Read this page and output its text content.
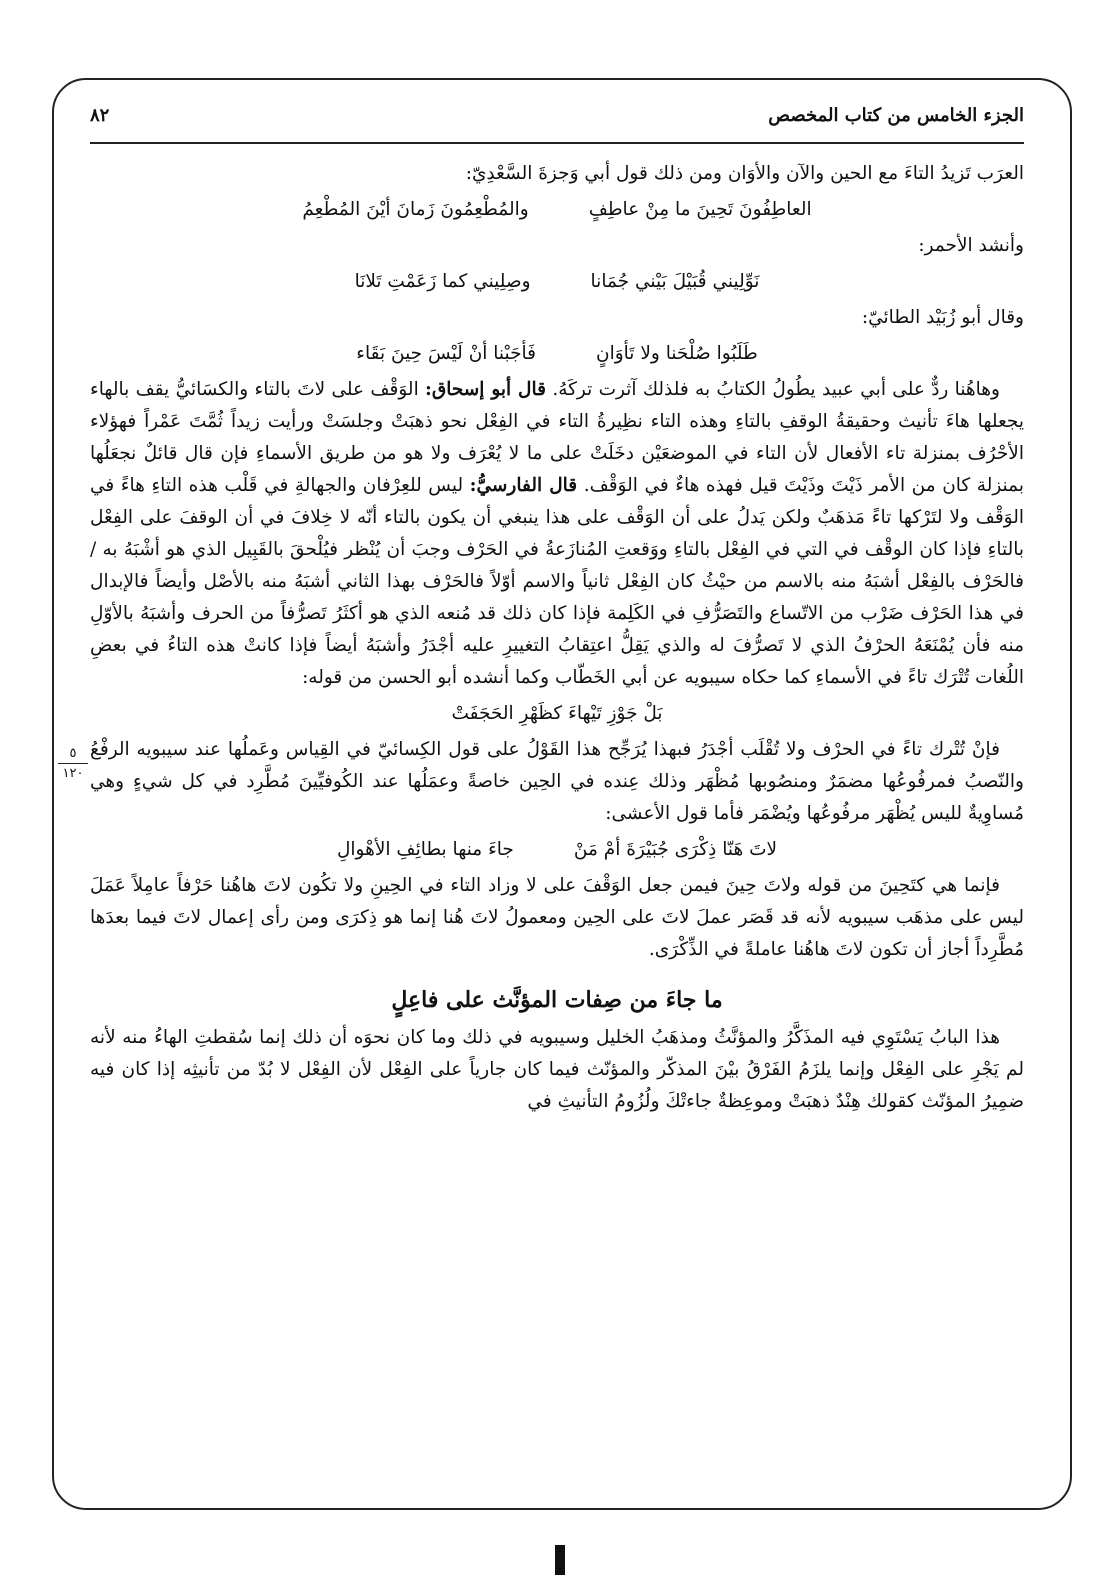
الجزء الخامس من كتاب المخصص
٨٢
٥
١٢٠

العرَب تَزيدُ التاءَ مع الحين والآن والأوَان ومن ذلك قول أبي وَجزةَ السَّعْدِيّ:

العاطِفُونَ تَحِينَ ما مِنْ عاطِفٍ
والمُطْعِمُونَ زَمانَ أيْنَ المُطْعِمُ

وأنشد الأحمر:

نَوِّلِيني قُبَيْلَ بَيْني جُمَانا
وصِلِيني كما زَعَمْتِ تَلانَا

وقال أبو زُبَيْد الطائيّ:

طَلَبُوا صُلْحَنا ولا تَأوَانٍ
فَأجَبْنا أنْ لَيْسَ حِينَ بَقَاء

وهاهُنا ردٌّ على أبي عبيد يطُولُ الكتابُ به فلذلك آثرت تركَهُ. قال أبو إسحاق: الوَقْف على لاتَ بالتاء والكسَائيُّ يقف بالهاء يجعلها هاءَ تأنيث وحقيقةُ الوقفِ بالتاءِ وهذه التاء نظِيرةُ التاء في الفِعْل نحو ذهبَتْ وجلسَتْ ورأيت زيداً ثُمَّتَ عَمْراً فهؤلاء الأحْرُف بمنزلة تاء الأفعال لأن التاء في الموضعَيْن دخَلَتْ على ما لا يُعْرَف ولا هو من طريق الأسماءِ فإن قال قائلٌ نجعَلُها بمنزلة كان من الأمر ذَيْتَ وذَيْتَ قيل فهذه هاءٌ في الوَقْف. قال الفارسيُّ: ليس للعِرْفان والجهالةِ في قَلْب هذه التاءِ هاءً في الوَقْف ولا لتَرْكها تاءً مَذهَبٌ ولكن يَدلُ على أن الوَقْف على هذا ينبغي أن يكون بالتاء أنّه لا خِلافَ في أن الوقفَ على الفِعْل بالتاءِ فإذا كان الوقْف في التي في الفِعْل بالتاءِ ووَقعتِ المُنازَعةُ في الحَرْف وجبَ أن يُنْظر فيُلْحقَ بالقَبِيل الذي هو أشْبَهُ به /فالحَرْف بالفِعْل أشبَهُ منه بالاسم من حيْثُ كان الفِعْل ثانياً والاسم أوّلاً فالحَرْف بهذا الثاني أشبَهُ منه بالأصْل وأيضاً فالإبدال في هذا الحَرْف ضَرْب من الاتّساع والتَصَرُّفِ في الكَلِمة فإذا كان ذلك قد مُنعه الذي هو أكثَرُ تَصرُّفاً من الحرف وأشبَهُ بالأوّلِ منه فأن يُمْنَعَهُ الحرْفُ الذي لا تَصرُّفَ له والذي يَقِلُّ اعتِقابُ التغييرِ عليه أجْدَرُ وأشبَهُ أيضاً فإذا كانتْ هذه التاءُ في بعضِ اللُغات تُتْرَك تاءً في الأسماءِ كما حكاه سيبويه عن أبي الخَطّاب وكما أنشده أبو الحسن من قوله:

بَلْ جَوْزِ تَيْهاءَ كظَهْرِ الحَجَفَتْ

فإنْ تُتْرك تاءً في الحرْف ولا تُقْلَب أجْدَرُ فبهذا يُرَجِّح هذا القَوْلُ على قول الكِسائيّ في القِياس وعَملُها عند سيبويه الرفْعُ والنّصبُ فمرفُوعُها مضمَرٌ ومنصُوبها مُظْهَر وذلك عِنده في الحِين خاصةً وعمَلُها عند الكُوفيِّينَ مُطَّرِد في كل شيءٍ وهي مُساوِيةٌ لليس يُظْهَر مرفُوعُها ويُضْمَر فأما قول الأعشى:

لاتَ هَنّا ذِكْرَى جُبَيْرَةَ أمْ مَنْ
جاءَ منها بطائِفِ الأهْوالِ

فإنما هي كتَحِينَ من قوله ولاتَ حِينَ فيمن جعل الوَقْفَ على لا وزاد التاء في الحِينِ ولا تكُون لاتَ هاهُنا حَرْفاً عامِلاً عَمَلَ ليس على مذهَب سيبويه لأنه قد قَصَر عملَ لاتَ على الحِين ومعمولُ لاتَ هُنا إنما هو ذِكرَى ومن رأى إعمال لاتَ فيما بعدَها مُطَّرِداً أجاز أن تكون لاتَ هاهُنا عاملةً في الذِّكْرَى.

ما جاءَ من صِفات المؤنَّث على فاعِلٍ

هذا البابُ يَسْتَوِي فيه المذَكَّرُ والمؤنَّثُ ومذهَبُ الخليل وسيبويه في ذلك وما كان نحوَه أن ذلك إنما سُقطتِ الهاءُ منه لأنه لم يَجْرِ على الفِعْل وإنما يلزَمُ الفَرْقُ بيْنَ المذكّر والمؤنّث فيما كان جارياً على الفِعْل لأن الفِعْل لا بُدّ من تأنيثِه إذا كان فيه ضمِيرُ المؤنّث كقولك هِنْدٌ ذهبَتْ وموعِظةٌ جاءتْكَ ولُزُومُ التأنيثِ في
